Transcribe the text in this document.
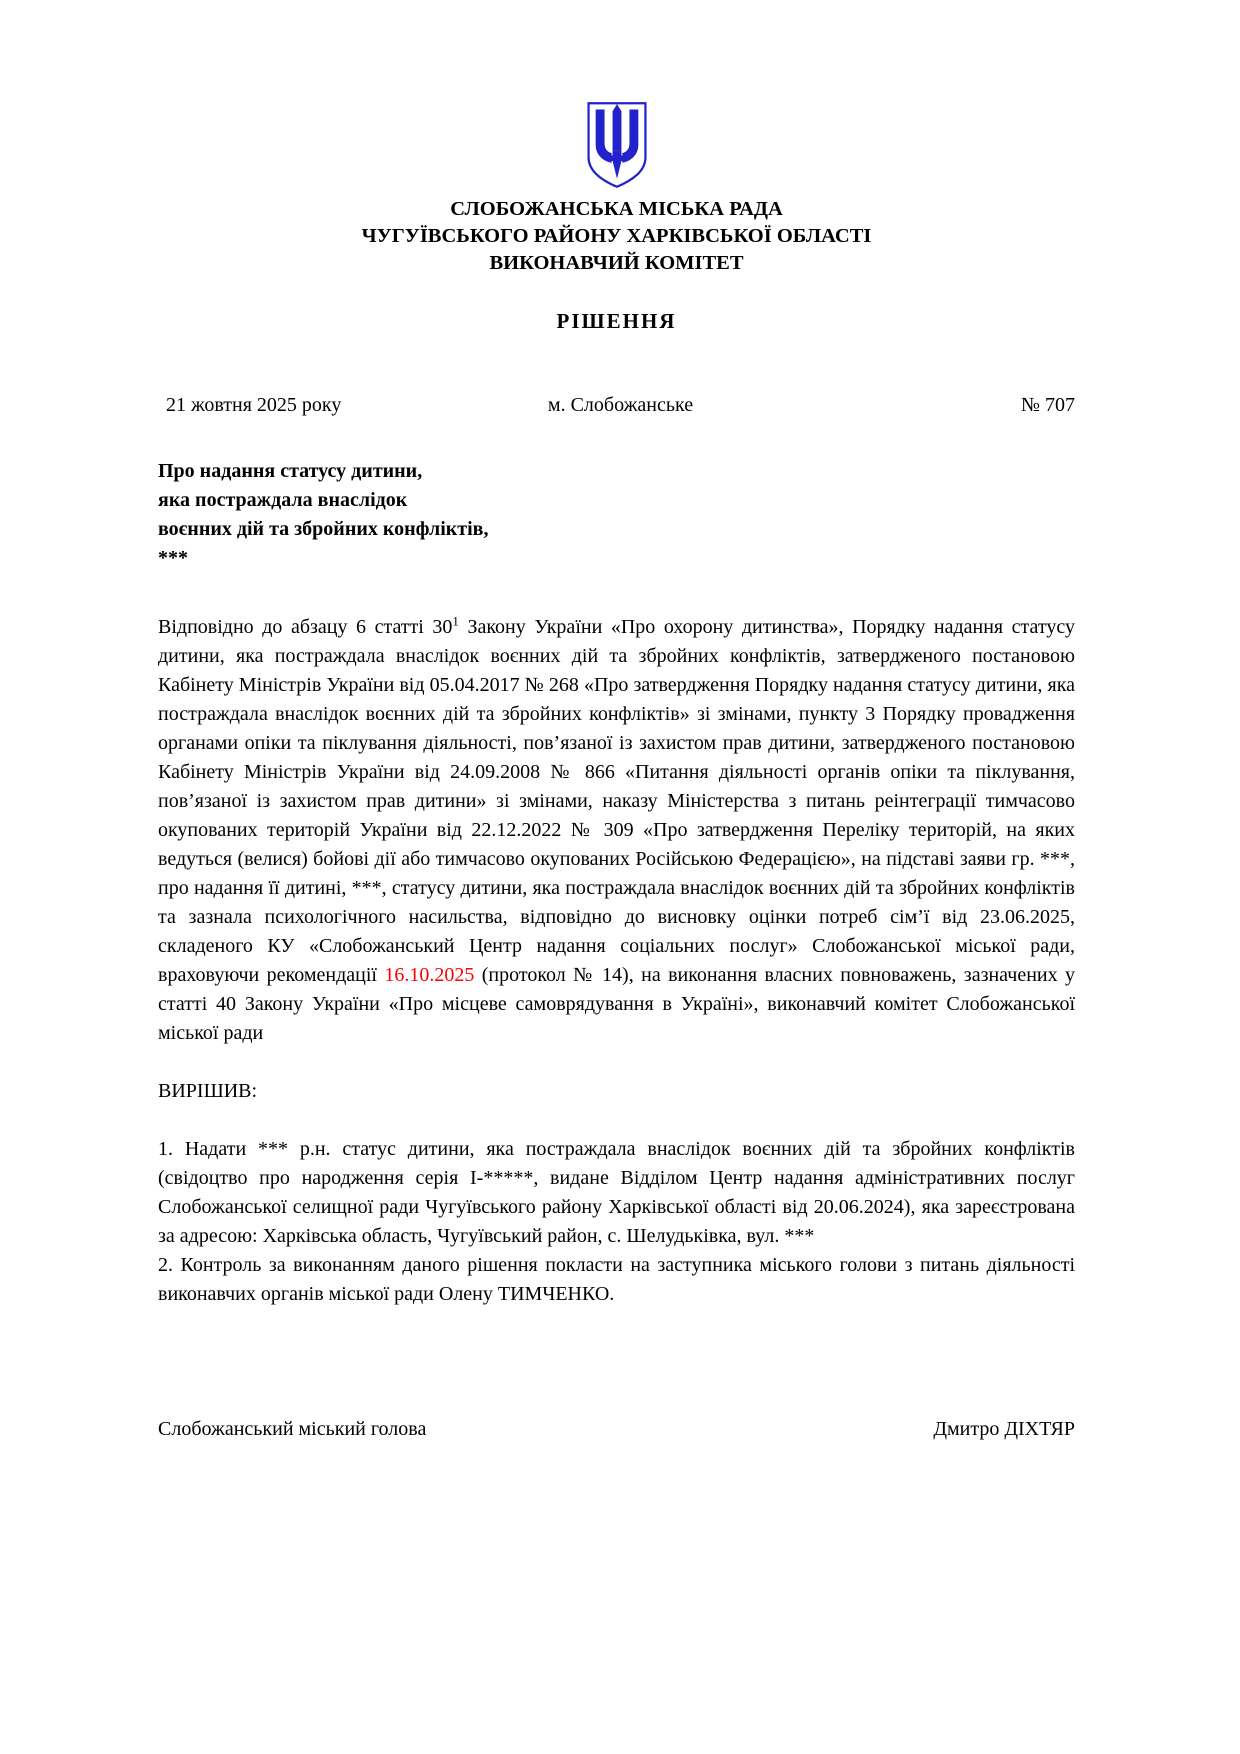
СЛОБОЖАНСЬКА МІСЬКА РАДА
ЧУГУЇВСЬКОГО РАЙОНУ ХАРКІВСЬКОЇ ОБЛАСТІ
ВИКОНАВЧИЙ КОМІТЕТ
РІШЕННЯ
21 жовтня 2025 року	м. Слобожанське	№ 707
Про надання статусу дитини,
яка постраждала внаслідок
воєнних дій та збройних конфліктів,
***

Відповідно до абзацу 6 статті $30^1$ Закону України «Про охорону дитинства», Порядку надання статусу дитини, яка постраждала внаслідок воєнних дій та збройних конфліктів, затвердженого постановою Кабінету Міністрів України від 05.04.2017 № 268 «Про затвердження Порядку надання статусу дитини, яка постраждала внаслідок воєнних дій та збройних конфліктів» зі змінами, пункту 3 Порядку провадження органами опіки та піклування діяльності, пов’язаної із захистом прав дитини, затвердженого постановою Кабінету Міністрів України від 24.09.2008 № 866 «Питання діяльності органів опіки та піклування, пов’язаної із захистом прав дитини» зі змінами, наказу Міністерства з питань реінтеграції тимчасово окупованих територій України від 22.12.2022 № 309 «Про затвердження Переліку територій, на яких ведуться (велися) бойові дії або тимчасово окупованих Російською Федерацією», на підставі заяви гр. ***, про надання її дитині, ***, статусу дитини, яка постраждала внаслідок воєнних дій та збройних конфліктів та зазнала психологічного насильства, відповідно до висновку оцінки потреб сім’ї від 23.06.2025, складеного КУ «Слобожанський Центр надання соціальних послуг» Слобожанської міської ради, враховуючи рекомендації 16.10.2025 (протокол № 14), на виконання власних повноважень, зазначених у статті 40 Закону України «Про місцеве самоврядування в Україні», виконавчий комітет Слобожанської міської ради

ВИРІШИВ:

1. Надати *** р.н. статус дитини, яка постраждала внаслідок воєнних дій та збройних конфліктів (свідоцтво про народження серія І-*****, видане Відділом Центр надання адміністративних послуг Слобожанської селищної ради Чугуївського району Харківської області від 20.06.2024), яка зареєстрована за адресою: Харківська область, Чугуївський район, с. Шелудьківка, вул. ***

2. Контроль за виконанням даного рішення покласти на заступника міського голови з питань діяльності виконавчих органів міської ради Олену ТИМЧЕНКО.

Слобожанський міський голова	Дмитро ДІХТЯР
